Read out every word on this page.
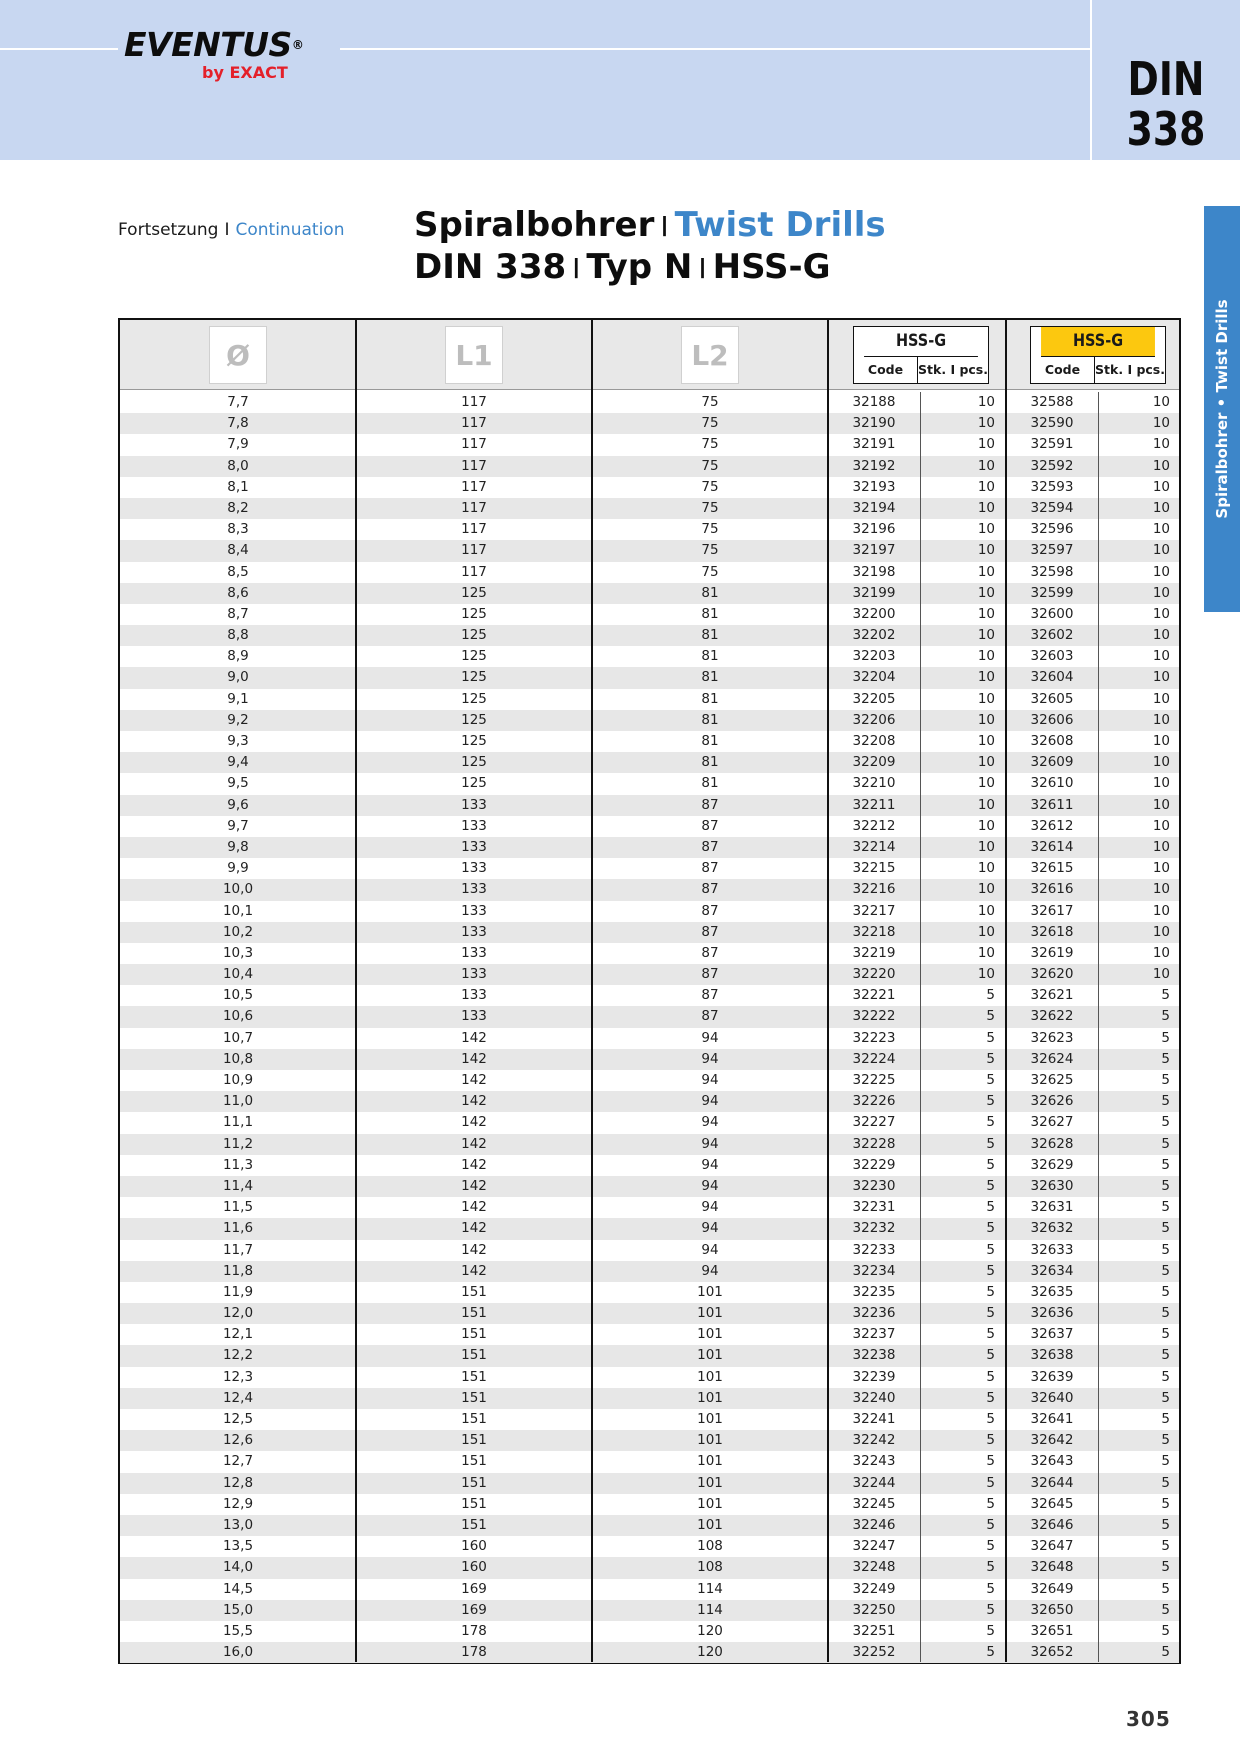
EVENTUS®
by EXACT	DIN
338
Spiralbohrer • Twist Drills
Fortsetzung I Continuation Spiralbohrer I Twist Drills
DIN 338 I Typ N I HSS-G
Ø	L1	L2	HSS-G
Code	Stk. I pcs.
HSS-G
Code	Stk. I pcs.
7,7	117	75	32188	10	32588	10
7,8	117	75	32190	10	32590	10
7,9	117	75	32191	10	32591	10
8,0	117	75	32192	10	32592	10
8,1	117	75	32193	10	32593	10
8,2	117	75	32194	10	32594	10
8,3	117	75	32196	10	32596	10
8,4	117	75	32197	10	32597	10
8,5	117	75	32198	10	32598	10
8,6	125	81	32199	10	32599	10
8,7	125	81	32200	10	32600	10
8,8	125	81	32202	10	32602	10
8,9	125	81	32203	10	32603	10
9,0	125	81	32204	10	32604	10
9,1	125	81	32205	10	32605	10
9,2	125	81	32206	10	32606	10
9,3	125	81	32208	10	32608	10
9,4	125	81	32209	10	32609	10
9,5	125	81	32210	10	32610	10
9,6	133	87	32211	10	32611	10
9,7	133	87	32212	10	32612	10
9,8	133	87	32214	10	32614	10
9,9	133	87	32215	10	32615	10
10,0	133	87	32216	10	32616	10
10,1	133	87	32217	10	32617	10
10,2	133	87	32218	10	32618	10
10,3	133	87	32219	10	32619	10
10,4	133	87	32220	10	32620	10
10,5	133	87	32221	5	32621	5
10,6	133	87	32222	5	32622	5
10,7	142	94	32223	5	32623	5
10,8	142	94	32224	5	32624	5
10,9	142	94	32225	5	32625	5
11,0	142	94	32226	5	32626	5
11,1	142	94	32227	5	32627	5
11,2	142	94	32228	5	32628	5
11,3	142	94	32229	5	32629	5
11,4	142	94	32230	5	32630	5
11,5	142	94	32231	5	32631	5
11,6	142	94	32232	5	32632	5
11,7	142	94	32233	5	32633	5
11,8	142	94	32234	5	32634	5
11,9	151	101	32235	5	32635	5
12,0	151	101	32236	5	32636	5
12,1	151	101	32237	5	32637	5
12,2	151	101	32238	5	32638	5
12,3	151	101	32239	5	32639	5
12,4	151	101	32240	5	32640	5
12,5	151	101	32241	5	32641	5
12,6	151	101	32242	5	32642	5
12,7	151	101	32243	5	32643	5
12,8	151	101	32244	5	32644	5
12,9	151	101	32245	5	32645	5
13,0	151	101	32246	5	32646	5
13,5	160	108	32247	5	32647	5
14,0	160	108	32248	5	32648	5
14,5	169	114	32249	5	32649	5
15,0	169	114	32250	5	32650	5
15,5	178	120	32251	5	32651	5
16,0	178	120	32252	5	32652	5
305
